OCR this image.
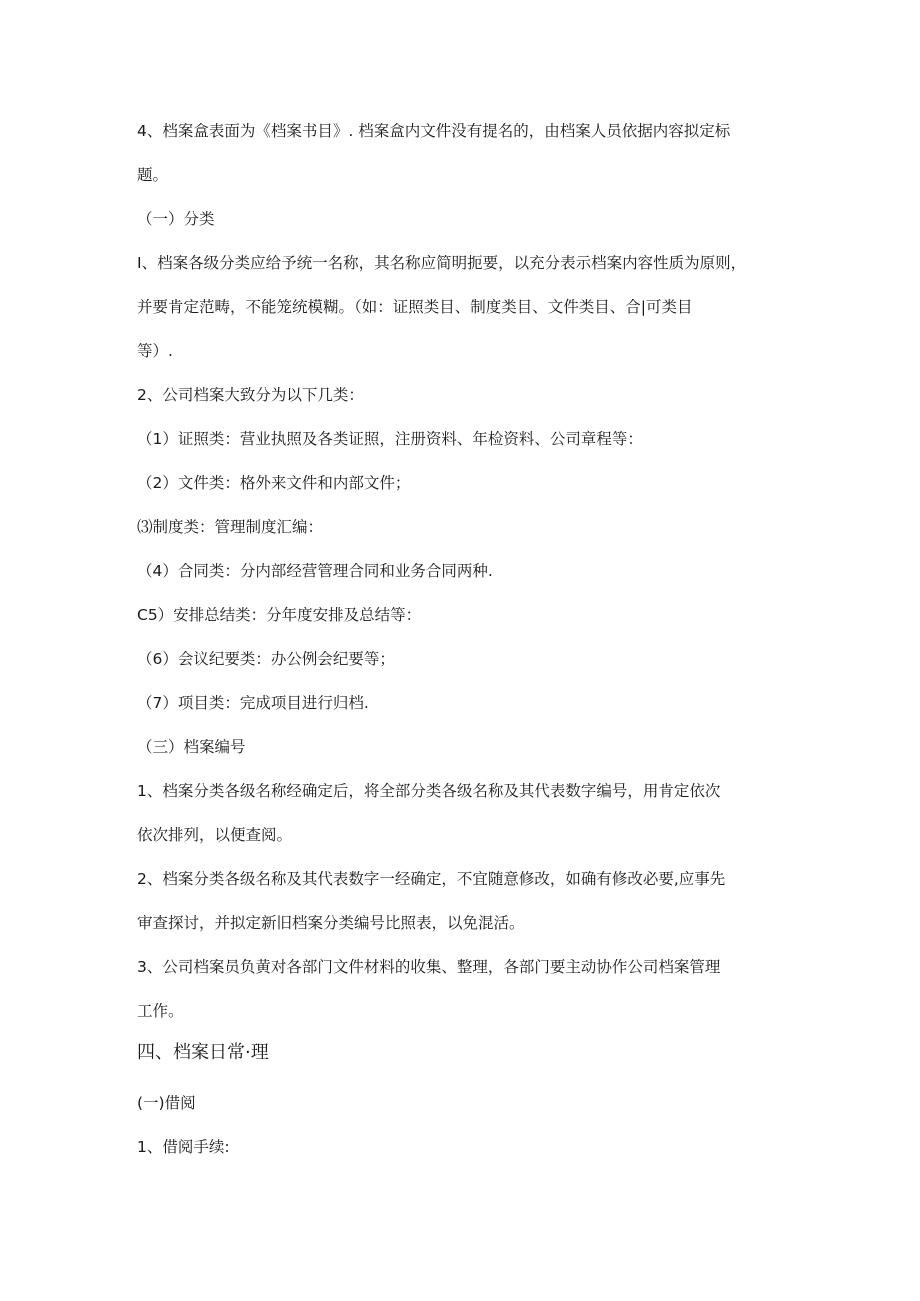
4、档案盒表面为《档案书目》. 档案盒内文件没有提名的，由档案人员依据内容拟定标

题。

（一）分类

I、档案各级分类应给予统一名称，其名称应简明扼要，以充分表示档案内容性质为原则，

并要肯定范畴，不能笼统模糊。（如：证照类目、制度类目、文件类目、合|可类目

等）.

2、公司档案大致分为以下几类：

（1）证照类：营业执照及各类证照，注册资料、年检资料、公司章程等：

（2）文件类：格外来文件和内部文件；

⑶制度类：管理制度汇编：

（4）合同类：分内部经营管理合同和业务合同两种.

C5）安排总结类：分年度安排及总结等：

（6）会议纪要类：办公例会纪要等；

（7）项目类：完成项目进行归档.

（三）档案编号

1、档案分类各级名称经确定后，将全部分类各级名称及其代表数字编号，用肯定依次

依次排列，以便查阅。

2、档案分类各级名称及其代表数字一经确定，不宜随意修改，如确有修改必要,应事先

审查探讨，并拟定新旧档案分类编号比照表，以免混活。

3、公司档案员负黄对各部门文件材料的收集、整理，各部门要主动协作公司档案管理

工作。

四、档案日常·理

(一)借阅

1、借阅手续:
